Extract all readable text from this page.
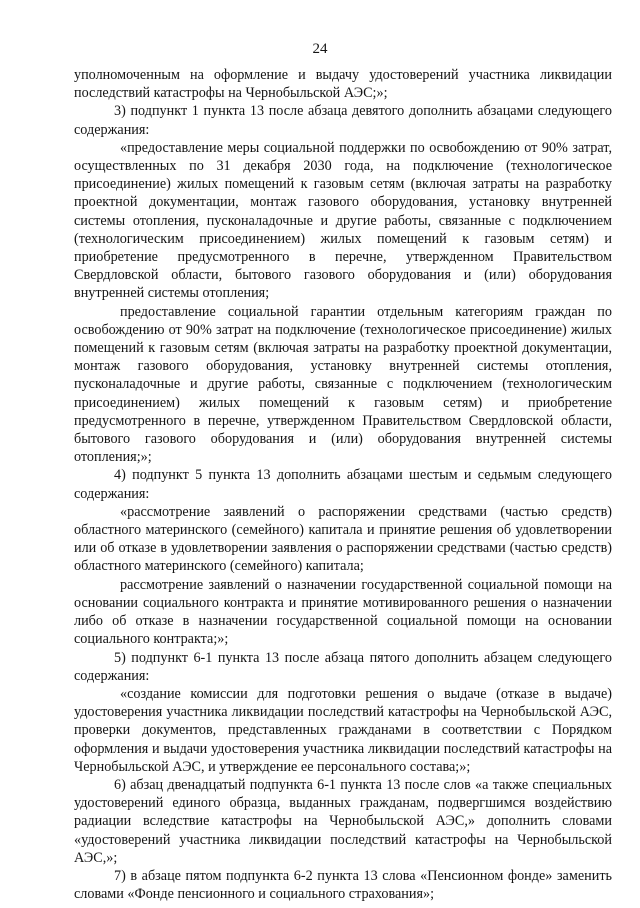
24

уполномоченным на оформление и выдачу удостоверений участника ликвидации последствий катастрофы на Чернобыльской АЭС;»;

3) подпункт 1 пункта 13 после абзаца девятого дополнить абзацами следующего содержания:

«предоставление меры социальной поддержки по освобождению от 90% затрат, осуществленных по 31 декабря 2030 года, на подключение (технологическое присоединение) жилых помещений к газовым сетям (включая затраты на разработку проектной документации, монтаж газового оборудования, установку внутренней системы отопления, пусконаладочные и другие работы, связанные с подключением (технологическим присоединением) жилых помещений к газовым сетям) и приобретение предусмотренного в перечне, утвержденном Правительством Свердловской области, бытового газового оборудования и (или) оборудования внутренней системы отопления;

предоставление социальной гарантии отдельным категориям граждан по освобождению от 90% затрат на подключение (технологическое присоединение) жилых помещений к газовым сетям (включая затраты на разработку проектной документации, монтаж газового оборудования, установку внутренней системы отопления, пусконаладочные и другие работы, связанные с подключением (технологическим присоединением) жилых помещений к газовым сетям) и приобретение предусмотренного в перечне, утвержденном Правительством Свердловской области, бытового газового оборудования и (или) оборудования внутренней системы отопления;»;

4) подпункт 5 пункта 13 дополнить абзацами шестым и седьмым следующего содержания:

«рассмотрение заявлений о распоряжении средствами (частью средств) областного материнского (семейного) капитала и принятие решения об удовлетворении или об отказе в удовлетворении заявления о распоряжении средствами (частью средств) областного материнского (семейного) капитала;

рассмотрение заявлений о назначении государственной социальной помощи на основании социального контракта и принятие мотивированного решения о назначении либо об отказе в назначении государственной социальной помощи на основании социального контракта;»;

5) подпункт 6-1 пункта 13 после абзаца пятого дополнить абзацем следующего содержания:

«создание комиссии для подготовки решения о выдаче (отказе в выдаче) удостоверения участника ликвидации последствий катастрофы на Чернобыльской АЭС, проверки документов, представленных гражданами в соответствии с Порядком оформления и выдачи удостоверения участника ликвидации последствий катастрофы на Чернобыльской АЭС, и утверждение ее персонального состава;»;

6) абзац двенадцатый подпункта 6-1 пункта 13 после слов «а также специальных удостоверений единого образца, выданных гражданам, подвергшимся воздействию радиации вследствие катастрофы на Чернобыльской АЭС,» дополнить словами «удостоверений участника ликвидации последствий катастрофы на Чернобыльской АЭС,»;

7) в абзаце пятом подпункта 6-2 пункта 13 слова «Пенсионном фонде» заменить словами «Фонде пенсионного и социального страхования»;
